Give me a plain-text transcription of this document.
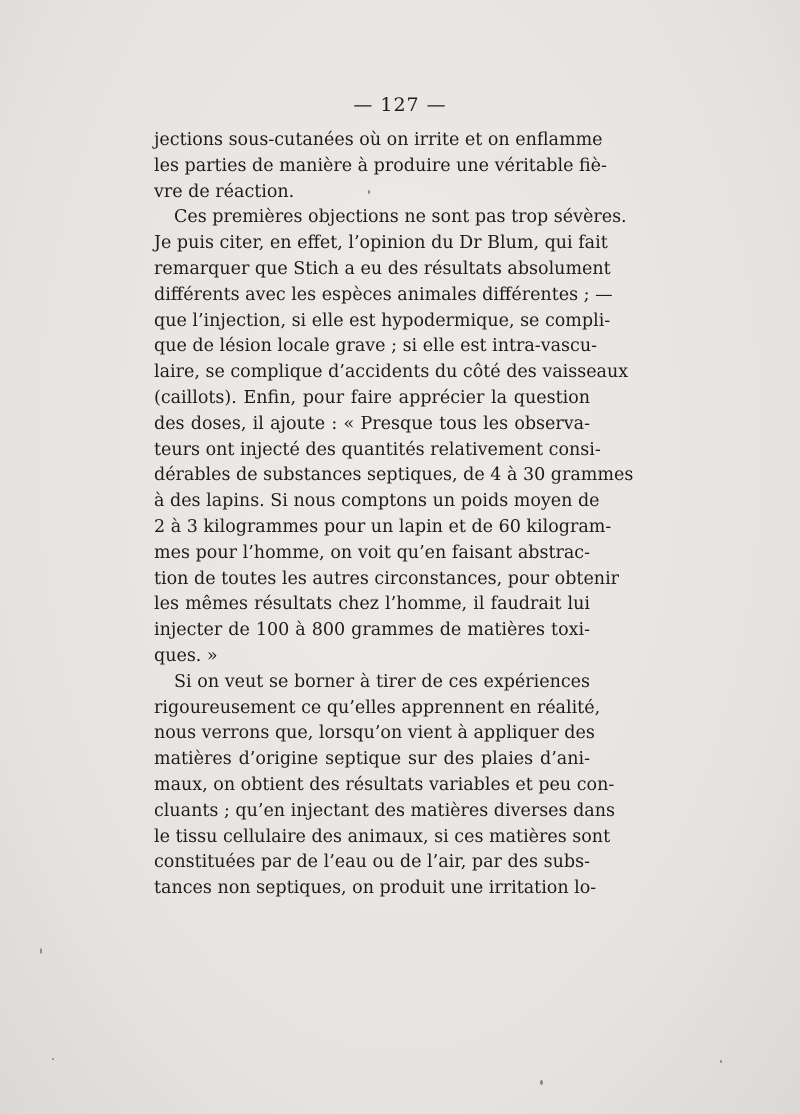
— 127 —
jections sous-cutanées où on irrite et on enflamme
les parties de manière à produire une véritable fiè-
vre de réaction.
Ces premières objections ne sont pas trop sévères.
Je puis citer, en effet, l’opinion du Dr Blum, qui fait
remarquer que Stich a eu des résultats absolument
différents avec les espèces animales différentes ; —
que l’injection, si elle est hypodermique, se compli-
que de lésion locale grave ; si elle est intra-vascu-
laire, se complique d’accidents du côté des vaisseaux
(caillots). Enfin, pour faire apprécier la question
des doses, il ajoute : « Presque tous les observa-
teurs ont injecté des quantités relativement consi-
dérables de substances septiques, de 4 à 30 grammes
à des lapins. Si nous comptons un poids moyen de
2 à 3 kilogrammes pour un lapin et de 60 kilogram-
mes pour l’homme, on voit qu’en faisant abstrac-
tion de toutes les autres circonstances, pour obtenir
les mêmes résultats chez l’homme, il faudrait lui
injecter de 100 à 800 grammes de matières toxi-
ques. »
Si on veut se borner à tirer de ces expériences
rigoureusement ce qu’elles apprennent en réalité,
nous verrons que, lorsqu’on vient à appliquer des
matières d’origine septique sur des plaies d’ani-
maux, on obtient des résultats variables et peu con-
cluants ; qu’en injectant des matières diverses dans
le tissu cellulaire des animaux, si ces matières sont
constituées par de l’eau ou de l’air, par des subs-
tances non septiques, on produit une irritation lo-
